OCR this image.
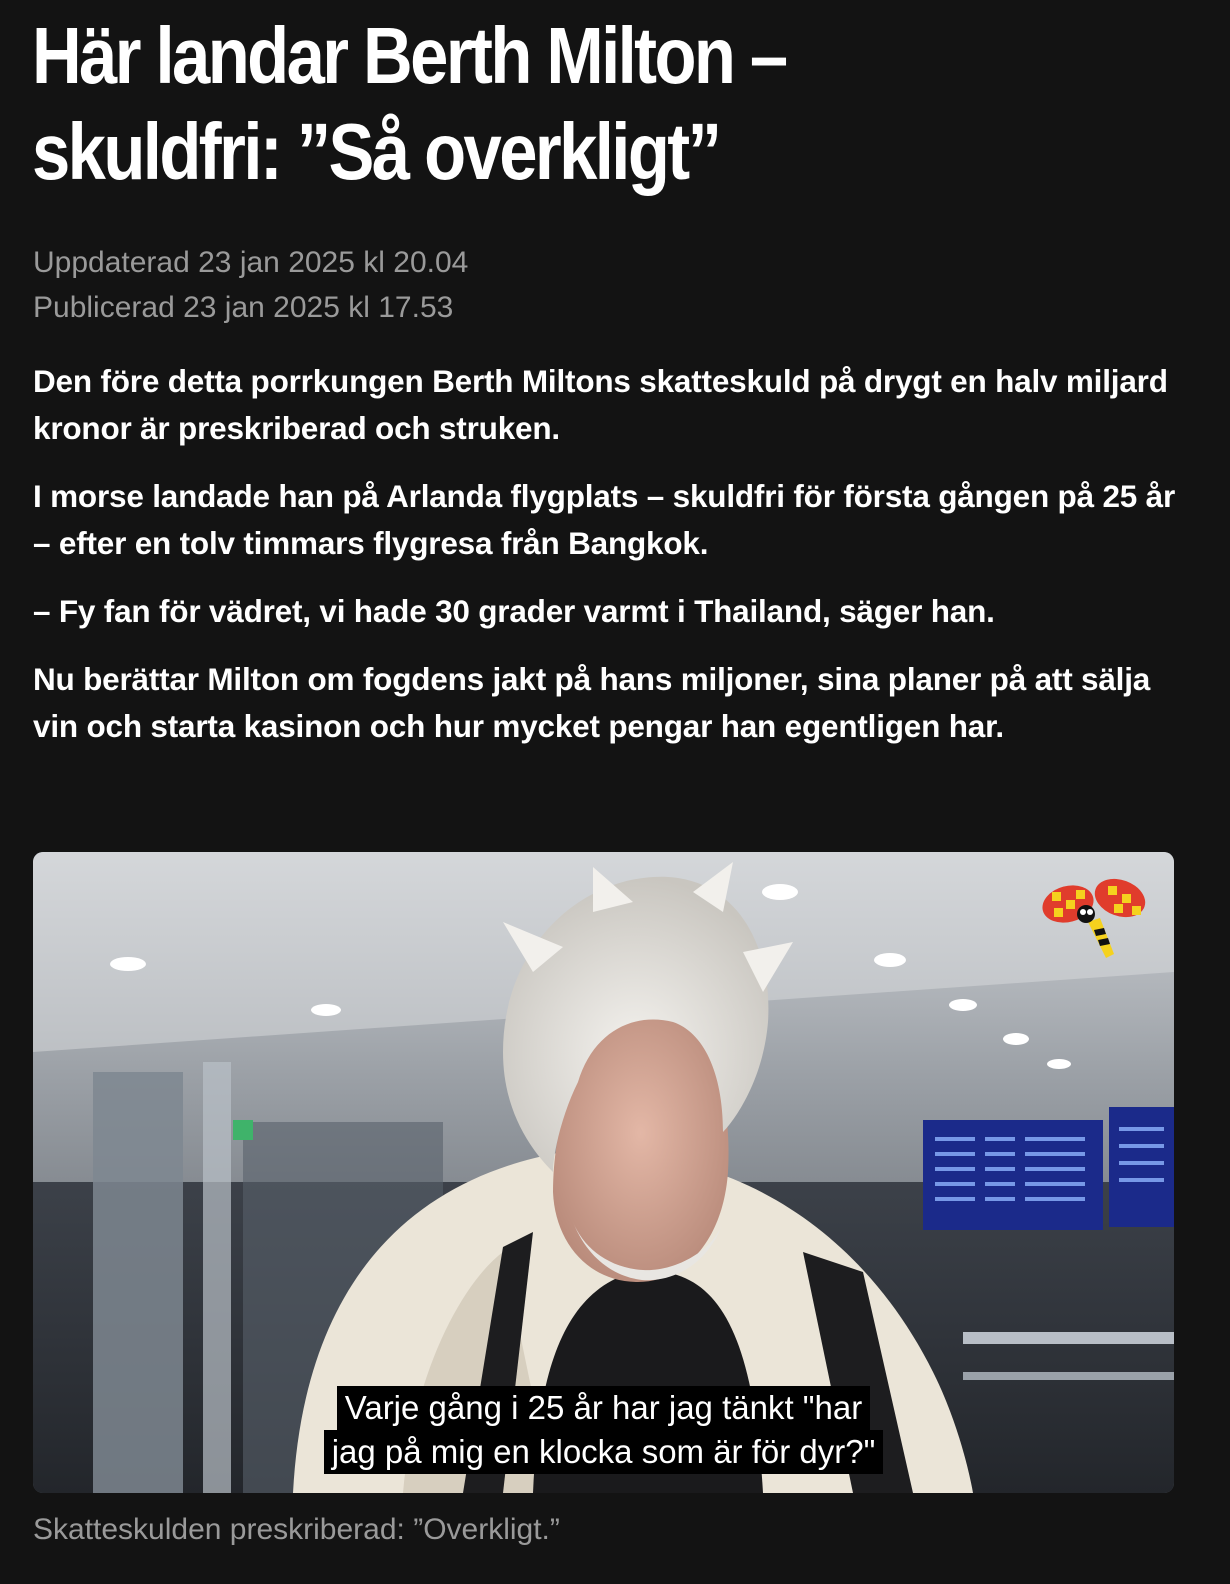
Här landar Berth Milton –
skuldfri: ”Så overkligt”
Uppdaterad 23 jan 2025 kl 20.04
Publicerad 23 jan 2025 kl 17.53

Den före detta porrkungen Berth Miltons skatteskuld på drygt en halv miljard kronor är preskriberad och struken.

I morse landade han på Arlanda flygplats – skuldfri för första gången på 25 år – efter en tolv timmars flygresa från Bangkok.

– Fy fan för vädret, vi hade 30 grader varmt i Thailand, säger han.

Nu berättar Milton om fogdens jakt på hans miljoner, sina planer på att sälja vin och starta kasinon och hur mycket pengar han egentligen har.

Varje gång i 25 år har jag tänkt "har
jag på mig en klocka som är för dyr?"
Skatteskulden preskriberad: ”Overkligt.”
